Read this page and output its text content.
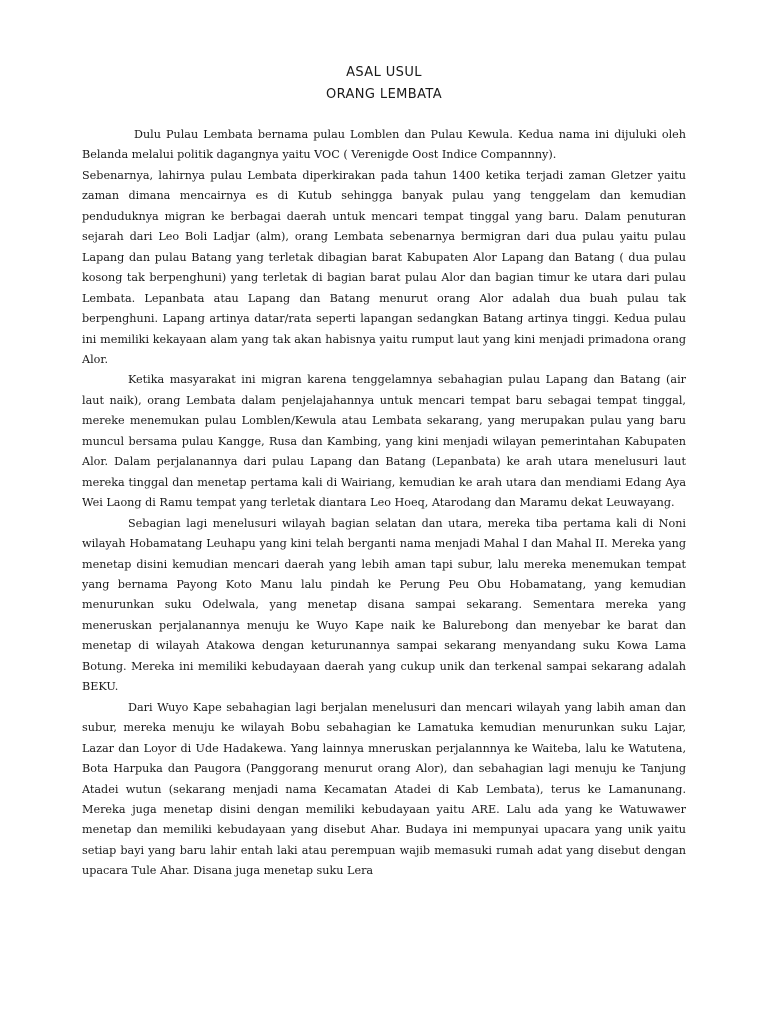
ASAL USUL
ORANG LEMBATA

Dulu Pulau Lembata bernama pulau Lomblen dan Pulau Kewula. Kedua nama ini dijuluki oleh Belanda melalui politik dagangnya yaitu VOC ( Verenigde Oost Indice Compannny).

Sebenarnya, lahirnya pulau Lembata diperkirakan pada tahun 1400 ketika terjadi zaman Gletzer yaitu zaman dimana mencairnya es di Kutub sehingga banyak pulau yang tenggelam dan kemudian penduduknya migran ke berbagai daerah untuk mencari tempat tinggal yang baru. Dalam penuturan sejarah dari Leo Boli Ladjar (alm), orang Lembata sebenarnya bermigran dari dua pulau yaitu pulau Lapang dan pulau Batang yang terletak dibagian barat Kabupaten Alor Lapang dan Batang ( dua pulau kosong tak berpenghuni) yang terletak di bagian barat pulau Alor dan bagian timur ke utara dari pulau Lembata. Lepanbata atau Lapang dan Batang menurut orang Alor adalah dua buah pulau tak berpenghuni. Lapang artinya datar/rata seperti lapangan sedangkan Batang artinya tinggi. Kedua pulau ini memiliki kekayaan alam yang tak akan habisnya yaitu rumput laut yang kini menjadi primadona orang Alor.

Ketika masyarakat ini migran karena tenggelamnya sebahagian pulau Lapang dan Batang (air laut naik), orang Lembata dalam penjelajahannya untuk mencari tempat baru sebagai tempat tinggal, mereke menemukan pulau Lomblen/Kewula atau Lembata sekarang, yang merupakan pulau yang baru muncul bersama pulau Kangge, Rusa dan Kambing, yang kini menjadi wilayan pemerintahan Kabupaten Alor. Dalam perjalanannya dari pulau Lapang dan Batang (Lepanbata) ke arah utara menelusuri laut mereka tinggal dan menetap pertama kali di Wairiang, kemudian ke arah utara dan mendiami Edang Aya Wei Laong di Ramu tempat yang terletak diantara Leo Hoeq, Atarodang dan Maramu dekat Leuwayang.

Sebagian lagi menelusuri wilayah bagian selatan dan utara, mereka tiba pertama kali di Noni wilayah Hobamatang Leuhapu yang kini telah berganti nama menjadi Mahal I dan Mahal II. Mereka yang menetap disini kemudian mencari daerah yang lebih aman tapi subur, lalu mereka menemukan tempat yang bernama Payong Koto Manu lalu pindah ke Perung Peu Obu Hobamatang, yang kemudian menurunkan suku Odelwala, yang menetap disana sampai sekarang. Sementara mereka yang meneruskan perjalanannya menuju ke Wuyo Kape naik ke Balurebong dan menyebar ke barat dan menetap di wilayah Atakowa dengan keturunannya sampai sekarang menyandang suku Kowa Lama Botung. Mereka ini memiliki kebudayaan daerah yang cukup unik dan terkenal sampai sekarang adalah BEKU.

Dari Wuyo Kape sebahagian lagi berjalan menelusuri dan mencari wilayah yang labih aman dan subur, mereka menuju ke wilayah Bobu sebahagian ke Lamatuka kemudian menurunkan suku Lajar, Lazar dan Loyor di Ude Hadakewa. Yang lainnya mneruskan perjalannnya ke Waiteba, lalu ke Watutena, Bota Harpuka dan Paugora (Panggorang menurut orang Alor), dan sebahagian lagi menuju ke Tanjung Atadei wutun (sekarang menjadi nama Kecamatan Atadei di Kab Lembata), terus ke Lamanunang. Mereka juga menetap disini dengan memiliki kebudayaan yaitu ARE. Lalu ada yang ke Watuwawer menetap dan memiliki kebudayaan yang disebut Ahar. Budaya ini mempunyai upacara yang unik yaitu setiap bayi yang baru lahir entah laki atau perempuan wajib memasuki rumah adat yang disebut dengan upacara Tule Ahar. Disana juga menetap suku Lera
